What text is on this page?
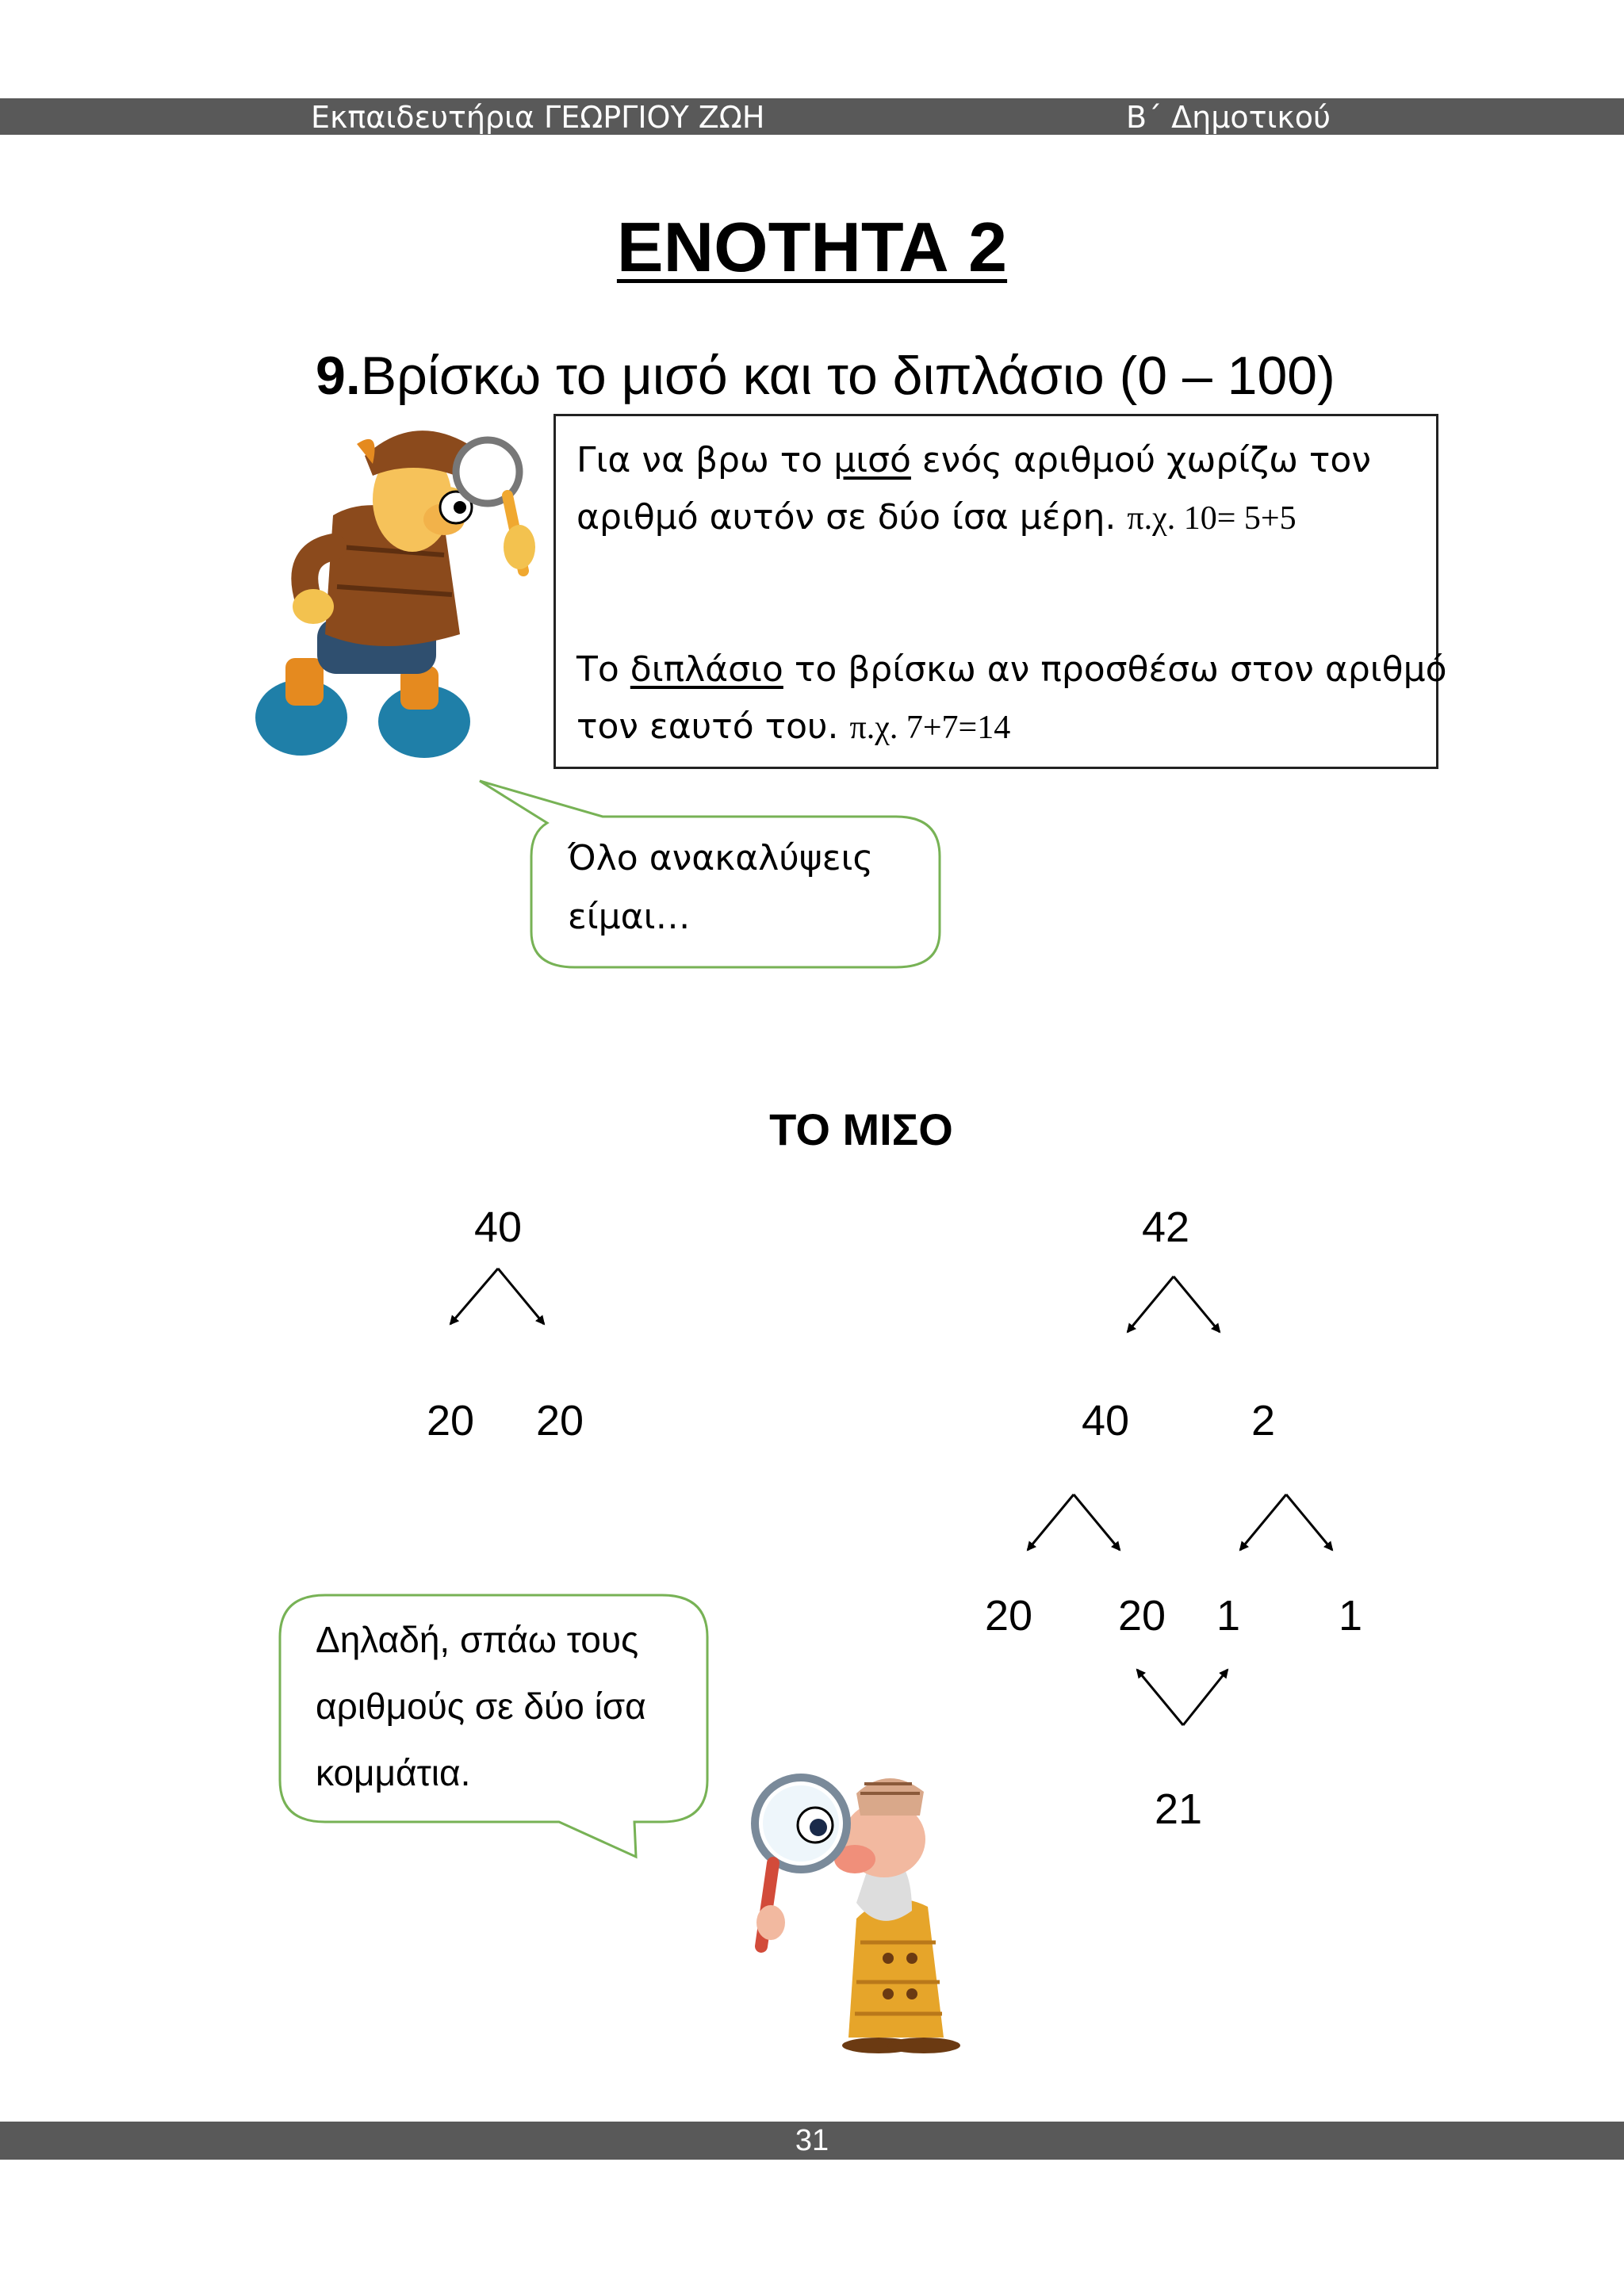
Εκπαιδευτήρια ΓΕΩΡΓΙΟΥ ΖΩΗ	Β΄ Δημοτικού
ΕΝΟΤΗΤΑ 2
9.Βρίσκω το μισό και το διπλάσιο (0 – 100)
Για να βρω το μισό ενός αριθμού χωρίζω τον
αριθμό αυτόν σε δύο ίσα μέρη. π.χ. 10= 5+5
Το διπλάσιο το βρίσκω αν προσθέσω στον αριθμό
τον εαυτό του. π.χ. 7+7=14
Όλο ανακαλύψεις
είμαι…
ΤΟ ΜΙΣΟ
40
20 20
42
40	2
20 20 1 1
21
Δηλαδή, σπάω τους
αριθμούς σε δύο ίσα
κομμάτια.
31
